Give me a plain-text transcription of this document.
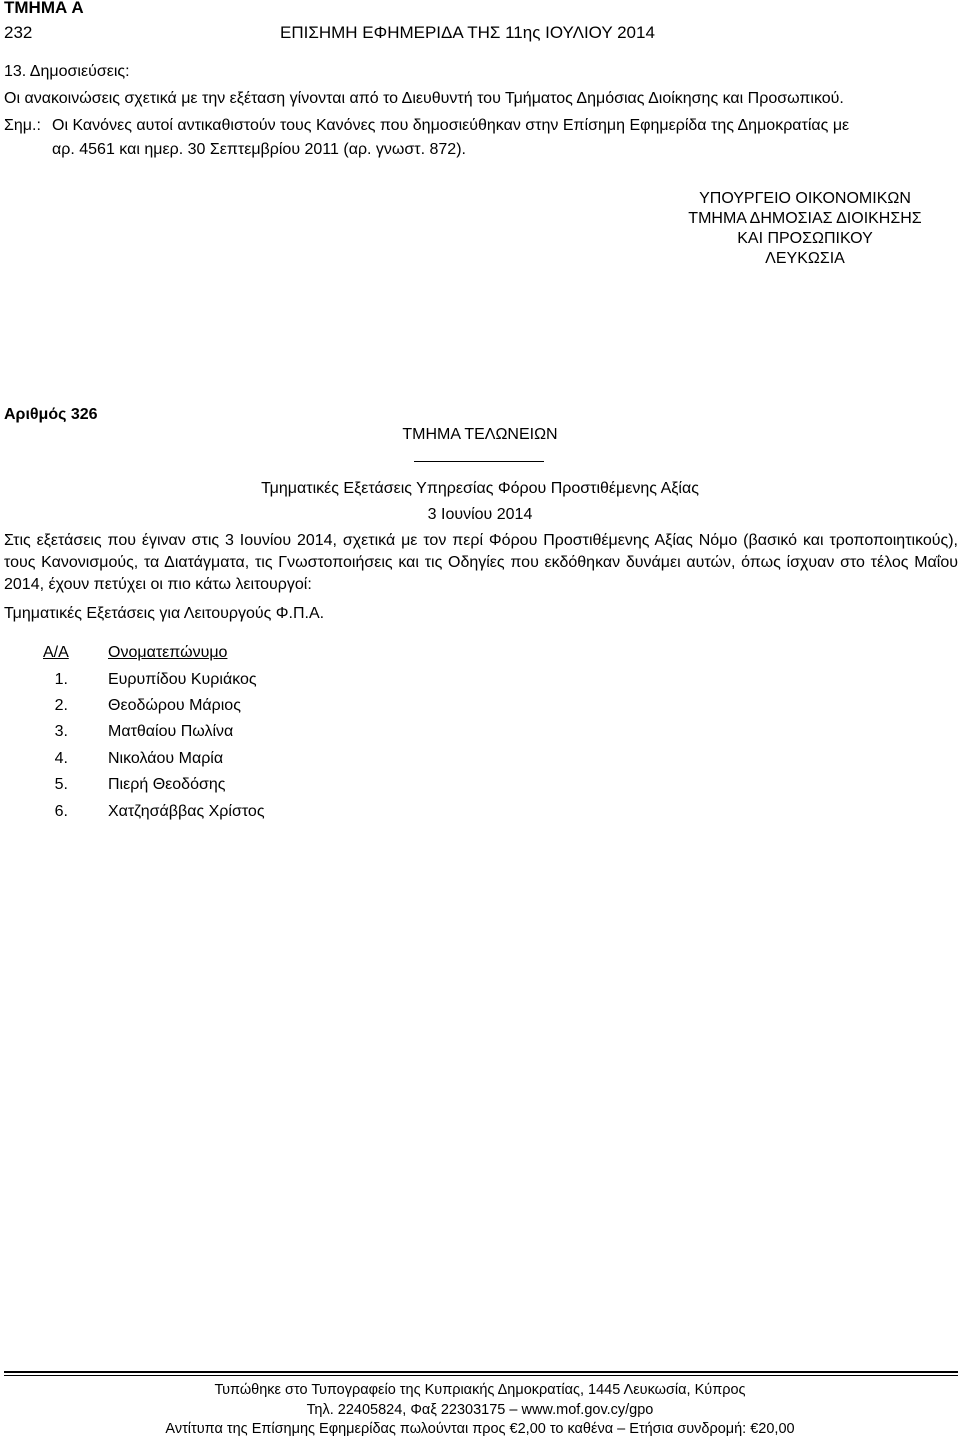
ΤΜΗΜΑ Α
232	ΕΠΙΣΗΜΗ ΕΦΗΜΕΡΙΔΑ ΤΗΣ 11ης ΙΟΥΛΙΟΥ 2014
13. Δημοσιεύσεις:
Οι ανακοινώσεις σχετικά με την εξέταση γίνονται από το Διευθυντή του Τμήματος Δημόσιας Διοίκησης και Προσωπικού.
Σημ.: Οι Κανόνες αυτοί αντικαθιστούν τους Κανόνες που δημοσιεύθηκαν στην Επίσημη Εφημερίδα της Δημοκρατίας με
αρ. 4561 και ημερ. 30 Σεπτεμβρίου 2011 (αρ. γνωστ. 872).
ΥΠΟΥΡΓΕΙΟ ΟΙΚΟΝΟΜΙΚΩΝ
ΤΜΗΜΑ ΔΗΜΟΣΙΑΣ ΔΙΟΙΚΗΣΗΣ
ΚΑΙ ΠΡΟΣΩΠΙΚΟΥ
ΛΕΥΚΩΣΙΑ
Αριθμός 326
ΤΜΗΜΑ ΤΕΛΩΝΕΙΩΝ
Τμηματικές Εξετάσεις Υπηρεσίας Φόρου Προστιθέμενης Αξίας
3 Ιουνίου 2014
Στις εξετάσεις που έγιναν στις 3 Ιουνίου 2014, σχετικά με τον περί Φόρου Προστιθέμενης Αξίας Νόμο (βασικό και τροποποιητικούς), τους Κανονισμούς, τα Διατάγματα, τις Γνωστοποιήσεις και τις Οδηγίες που εκδόθηκαν δυνάμει αυτών, όπως ίσχυαν στο τέλος Μαΐου 2014, έχουν πετύχει οι πιο κάτω λειτουργοί:
Τμηματικές Εξετάσεις για Λειτουργούς Φ.Π.Α.
Α/Α Ονοματεπώνυμο
1.	Ευρυπίδου Κυριάκος
2.	Θεοδώρου Μάριος
3.	Ματθαίου Πωλίνα
4.	Νικολάου Μαρία
5.	Πιερή Θεοδόσης
6.	Χατζησάββας Χρίστος
Τυπώθηκε στο Τυπογραφείο της Κυπριακής Δημοκρατίας, 1445 Λευκωσία, Κύπρος
Τηλ. 22405824, Φαξ 22303175 – www.mof.gov.cy/gpo
Αντίτυπα της Επίσημης Εφημερίδας πωλούνται προς €2,00 το καθένα – Ετήσια συνδρομή: €20,00
